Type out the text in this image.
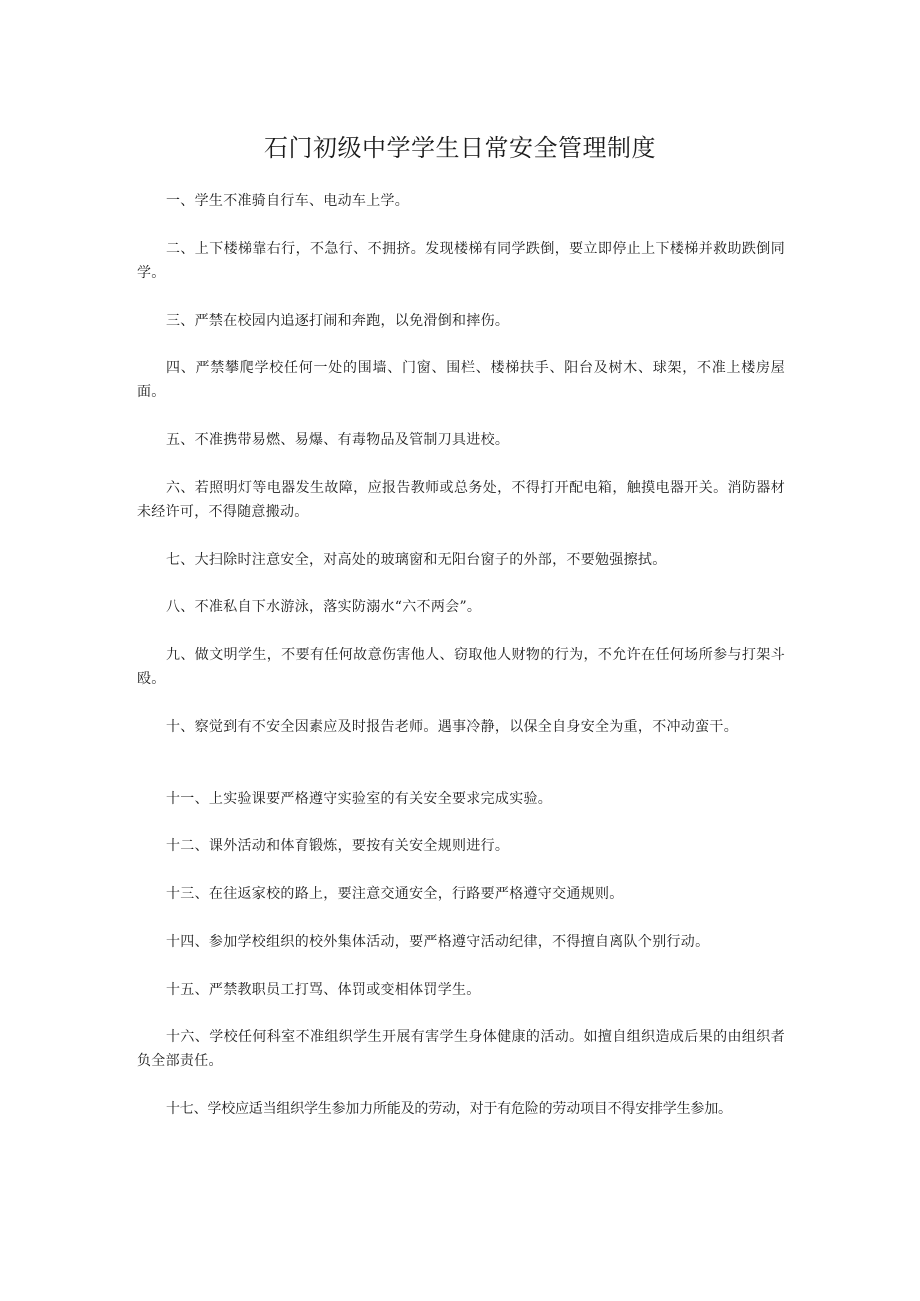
石门初级中学学生日常安全管理制度

一、学生不准骑自行车、电动车上学。

二、上下楼梯靠右行，不急行、不拥挤。发现楼梯有同学跌倒，要立即停止上下楼梯并救助跌倒同学。

三、严禁在校园内追逐打闹和奔跑，以免滑倒和摔伤。

四、严禁攀爬学校任何一处的围墙、门窗、围栏、楼梯扶手、阳台及树木、球架，不准上楼房屋面。

五、不准携带易燃、易爆、有毒物品及管制刀具进校。

六、若照明灯等电器发生故障，应报告教师或总务处，不得打开配电箱，触摸电器开关。消防器材未经许可，不得随意搬动。

七、大扫除时注意安全，对高处的玻璃窗和无阳台窗子的外部，不要勉强擦拭。

八、不准私自下水游泳，落实防溺水“六不两会”。

九、做文明学生，不要有任何故意伤害他人、窃取他人财物的行为，不允许在任何场所参与打架斗殴。

十、察觉到有不安全因素应及时报告老师。遇事冷静，以保全自身安全为重，不冲动蛮干。

十一、上实验课要严格遵守实验室的有关安全要求完成实验。

十二、课外活动和体育锻炼，要按有关安全规则进行。

十三、在往返家校的路上，要注意交通安全，行路要严格遵守交通规则。

十四、参加学校组织的校外集体活动，要严格遵守活动纪律，不得擅自离队个别行动。

十五、严禁教职员工打骂、体罚或变相体罚学生。

十六、学校任何科室不准组织学生开展有害学生身体健康的活动。如擅自组织造成后果的由组织者负全部责任。

十七、学校应适当组织学生参加力所能及的劳动，对于有危险的劳动项目不得安排学生参加。
